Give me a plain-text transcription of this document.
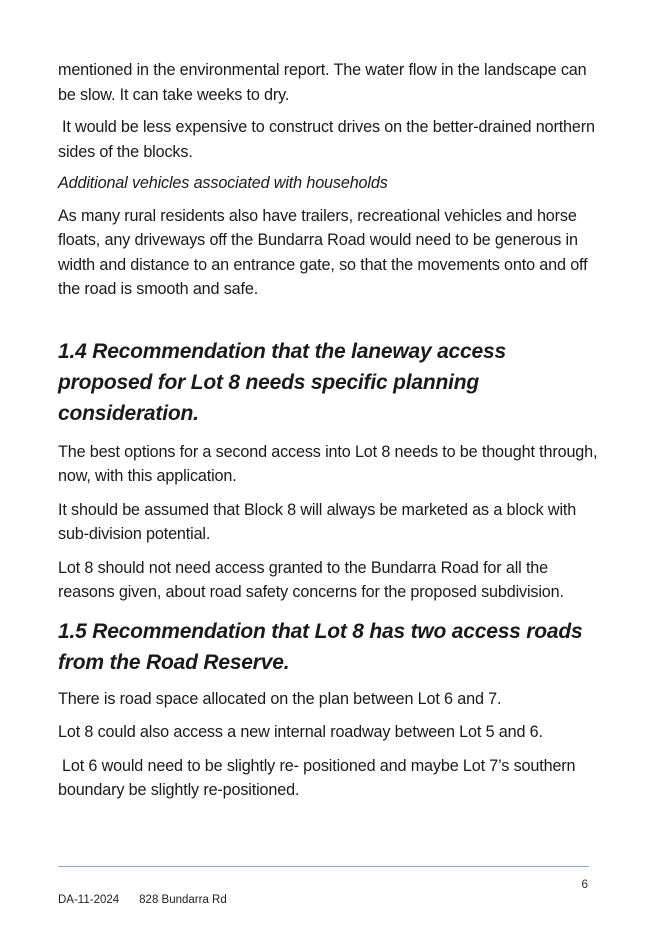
mentioned in the environmental report. The water flow in the landscape can be slow. It can take weeks to dry.

It would be less expensive to construct drives on the better-drained northern sides of the blocks.

Additional vehicles associated with households

As many rural residents also have trailers, recreational vehicles and horse floats, any driveways off the Bundarra Road would need to be generous in width and distance to an entrance gate, so that the movements onto and off the road is smooth and safe.

1.4 Recommendation that the laneway access proposed for Lot 8 needs specific planning consideration.

The best options for a second access into Lot 8 needs to be thought through, now, with this application.

It should be assumed that Block 8 will always be marketed as a block with sub-division potential.

Lot 8 should not need access granted to the Bundarra Road for all the reasons given, about road safety concerns for the proposed subdivision.

1.5 Recommendation that Lot 8 has two access roads from the Road Reserve.

There is road space allocated on the plan between Lot 6 and 7.

Lot 8 could also access a new internal roadway between Lot 5 and 6.

Lot 6 would need to be slightly re- positioned and maybe Lot 7’s southern boundary be slightly re-positioned.

6
DA-11-2024 828 Bundarra Rd
